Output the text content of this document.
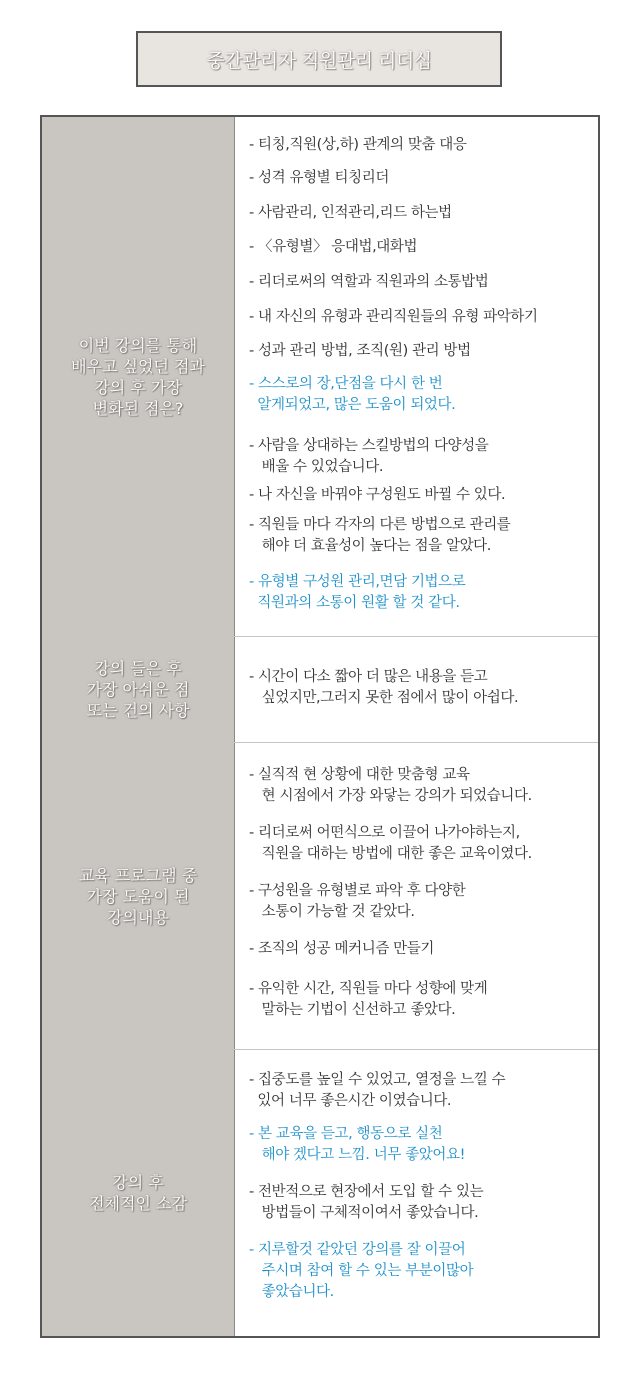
중간관리자 직원관리 리더십
이번 강의를 통해
배우고 싶었던 점과
강의 후 가장
변화된 점은?
- 티칭,직원(상,하) 관계의 맞춤 대응
- 성격 유형별 티칭리더
- 사람관리, 인적관리,리드 하는법
- 〈유형별〉 응대법,대화법
- 리더로써의 역할과 직원과의 소통밥법
- 내 자신의 유형과 관리직원들의 유형 파악하기
- 성과 관리 방법, 조직(원) 관리 방법
- 스스로의 장,단점을 다시 한 번
알게되었고, 많은 도움이 되었다.
- 사람을 상대하는 스킬방법의 다양성을
배울 수 있었습니다.
- 나 자신을 바꿔야 구성원도 바뀔 수 있다.
- 직원들 마다 각자의 다른 방법으로 관리를
해야 더 효율성이 높다는 점을 알았다.
- 유형별 구성원 관리,면담 기법으로
직원과의 소통이 원활 할 것 같다.
강의 들은 후
가장 아쉬운 점
또는 건의 사항
- 시간이 다소 짧아 더 많은 내용을 듣고
싶었지만,그러지 못한 점에서 많이 아쉽다.
교육 프로그램 중
가장 도움이 된
강의내용
- 실직적 현 상황에 대한 맞춤형 교육
현 시점에서 가장 와닿는 강의가 되었습니다.
- 리더로써 어떤식으로 이끌어 나가야하는지,
직원을 대하는 방법에 대한 좋은 교육이였다.
- 구성원을 유형별로 파악 후 다양한
소통이 가능할 것 같았다.
- 조직의 성공 메커니즘 만들기
- 유익한 시간, 직원들 마다 성향에 맞게
말하는 기법이 신선하고 좋았다.
강의 후
전체적인 소감
- 집중도를 높일 수 있었고, 열정을 느낄 수
있어 너무 좋은시간 이였습니다.
- 본 교육을 듣고, 행동으로 실천
해야 겠다고 느낌. 너무 좋았어요!
- 전반적으로 현장에서 도입 할 수 있는
방법들이 구체적이여서 좋았습니다.
- 지루할것 같았던 강의를 잘 이끌어
주시며 참여 할 수 있는 부분이많아
좋았습니다.
